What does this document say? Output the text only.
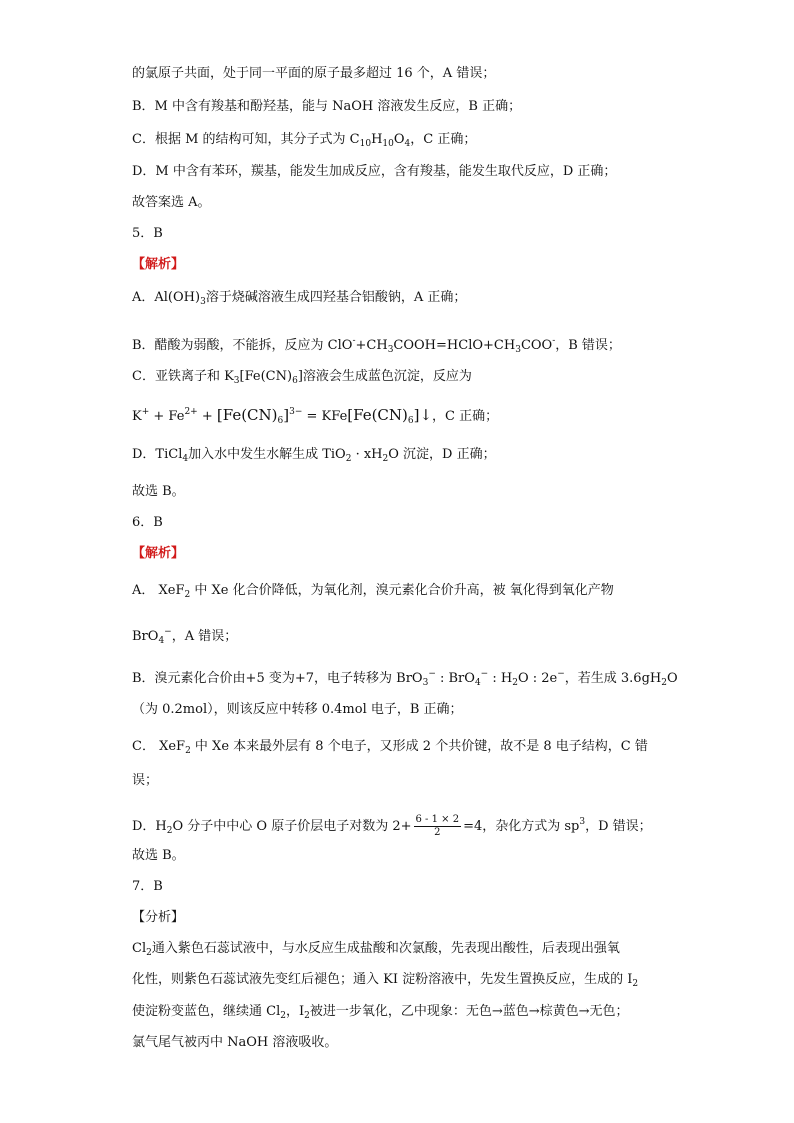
的氯原子共面，处于同一平面的原子最多超过 16 个，A 错误；
B．M 中含有羧基和酚羟基，能与 NaOH 溶液发生反应，B 正确；
C．根据 M 的结构可知，其分子式为 $C_{10}H_{10}O_4$，C 正确；
D．M 中含有苯环，羰基，能发生加成反应，含有羧基，能发生取代反应，D 正确；
故答案选 A。
5．B
【解析】
A．$Al(OH)_3$溶于烧碱溶液生成四羟基合铝酸钠，A 正确；
B．醋酸为弱酸，不能拆，反应为 $ClO^-+CH_3COOH=HClO+CH_3COO^-$，B 错误；
C．亚铁离子和 $K_3[Fe(CN)_6]$溶液会生成蓝色沉淀，反应为
$K^+ + Fe^{2+} + [Fe(CN)_6]^{3-}$ = $KFe[Fe(CN)_6]↓$，C 正确；
D．TiCl$_4$加入水中发生水解生成 $TiO_2 \cdot xH_2O$ 沉淀，D 正确；
故选 B。
6．B
【解析】
A． XeF$_2$ 中 Xe 化合价降低，为氧化剂，溴元素化合价升高，被 氧化得到氧化产物
BrO$_4$−，A 错误；
B．溴元素化合价由+5 变为+7，电子转移为 BrO$_3$− : BrO$_4$− : $H_2O$ : 2e−，若生成 $3.6gH_2O$
（为 0.2mol），则该反应中转移 0.4mol 电子，B 正确；
C． XeF$_2$ 中 Xe 本来最外层有 8 个电子，又形成 2 个共价键，故不是 8 电子结构，C 错
误；
D．$H_2O$ 分子中中心 O 原子价层电子对数为 $2+ \frac{6 - 1 \times 2}{2} =4$，杂化方式为 $sp^3$，D 错误；
故选 B。
7．B
【分析】
$Cl_2$通入紫色石蕊试液中，与水反应生成盐酸和次氯酸，先表现出酸性，后表现出强氧
化性，则紫色石蕊试液先变红后褪色；通入 KI 淀粉溶液中，先发生置换反应，生成的 $I_2$
使淀粉变蓝色，继续通 $Cl_2$，$I_2$被进一步氧化，乙中现象：无色→蓝色→棕黄色→无色；
氯气尾气被丙中 NaOH 溶液吸收。
